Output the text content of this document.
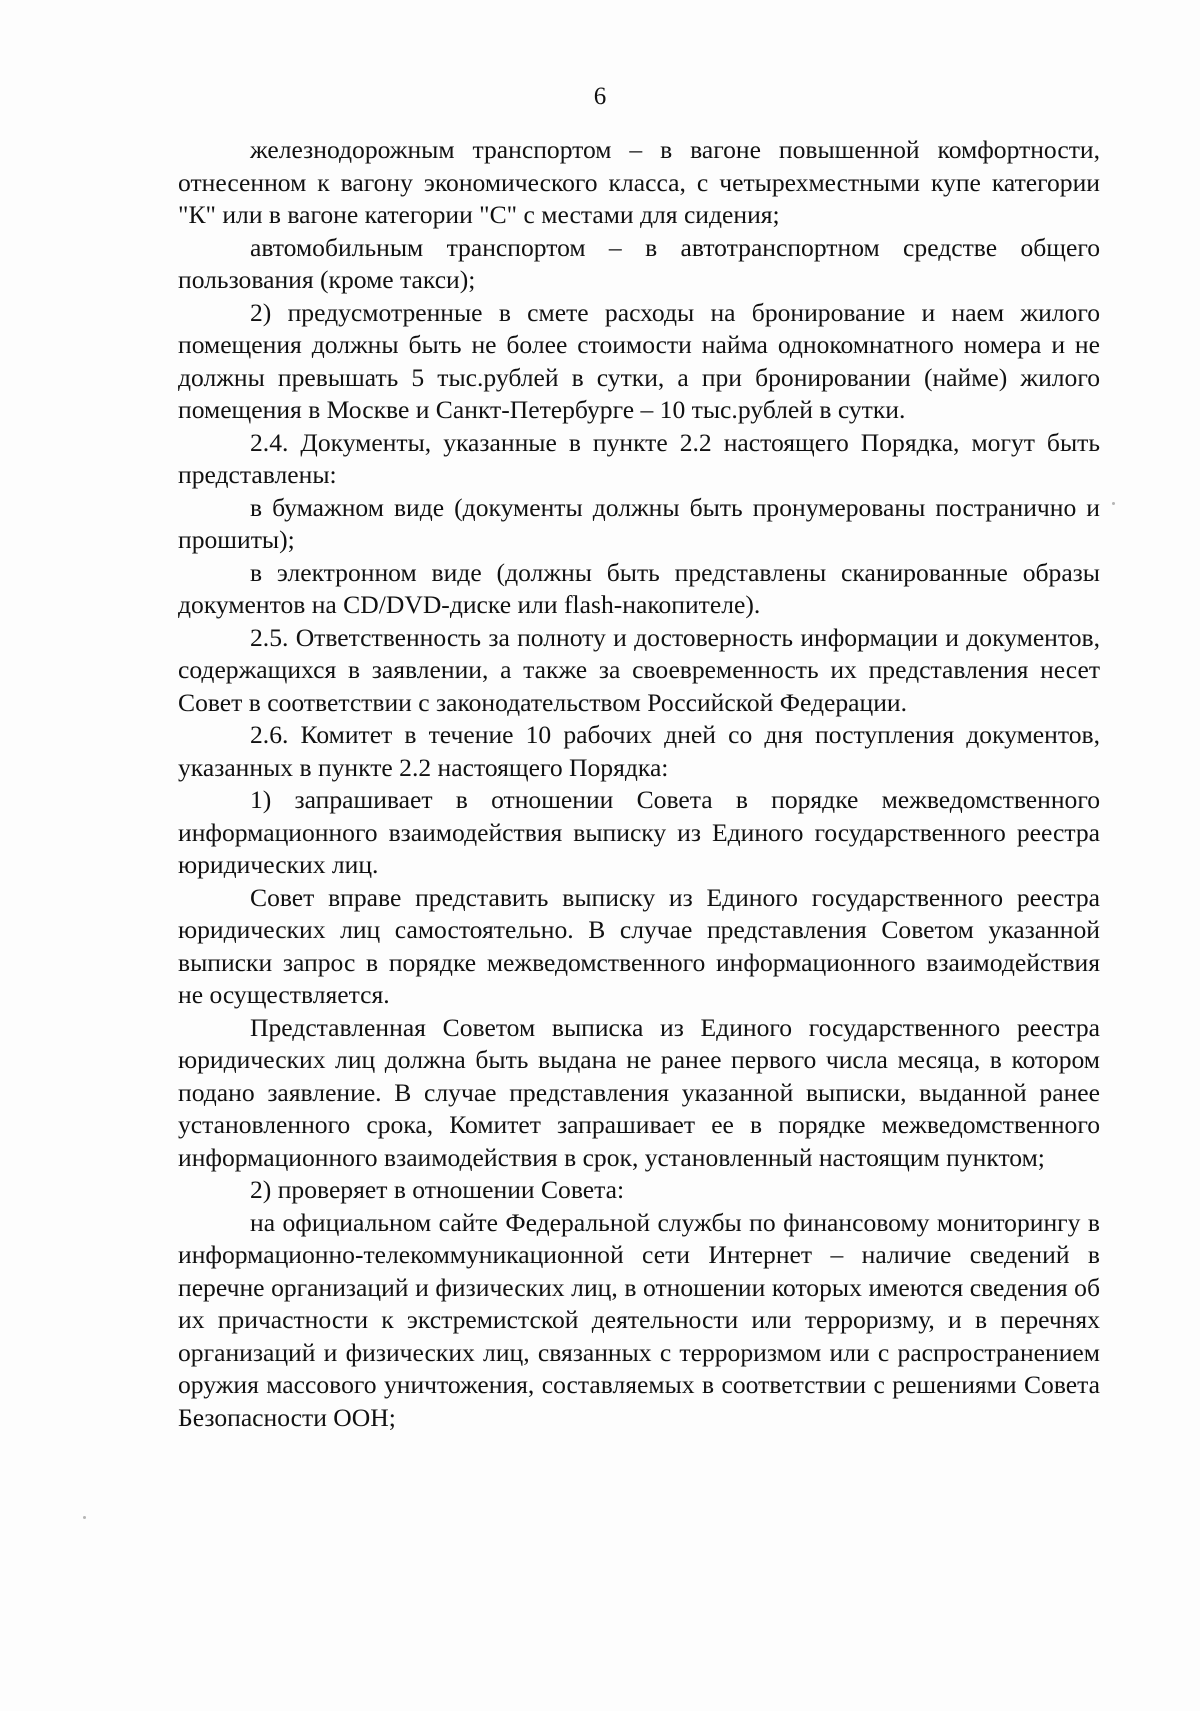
6

железнодорожным транспортом – в вагоне повышенной комфортности, отнесенном к вагону экономического класса, с четырехместными купе категории "К" или в вагоне категории "С" с местами для сидения;

автомобильным транспортом – в автотранспортном средстве общего пользования (кроме такси);

2) предусмотренные в смете расходы на бронирование и наем жилого помещения должны быть не более стоимости найма однокомнатного номера и не должны превышать 5 тыс.рублей в сутки, а при бронировании (найме) жилого помещения в Москве и Санкт-Петербурге – 10 тыс.рублей в сутки.

2.4. Документы, указанные в пункте 2.2 настоящего Порядка, могут быть представлены:

в бумажном виде (документы должны быть пронумерованы постранично и прошиты);

в электронном виде (должны быть представлены сканированные образы документов на CD/DVD-диске или flash-накопителе).

2.5. Ответственность за полноту и достоверность информации и документов, содержащихся в заявлении, а также за своевременность их представления несет Совет в соответствии с законодательством Российской Федерации.

2.6. Комитет в течение 10 рабочих дней со дня поступления документов, указанных в пункте 2.2 настоящего Порядка:

1) запрашивает в отношении Совета в порядке межведомственного информационного взаимодействия выписку из Единого государственного реестра юридических лиц.

Совет вправе представить выписку из Единого государственного реестра юридических лиц самостоятельно. В случае представления Советом указанной выписки запрос в порядке межведомственного информационного взаимодействия не осуществляется.

Представленная Советом выписка из Единого государственного реестра юридических лиц должна быть выдана не ранее первого числа месяца, в котором подано заявление. В случае представления указанной выписки, выданной ранее установленного срока, Комитет запрашивает ее в порядке межведомственного информационного взаимодействия в срок, установленный настоящим пунктом;

2) проверяет в отношении Совета:

на официальном сайте Федеральной службы по финансовому мониторингу в информационно-телекоммуникационной сети Интернет – наличие сведений в перечне организаций и физических лиц, в отношении которых имеются сведения об их причастности к экстремистской деятельности или терроризму, и в перечнях организаций и физических лиц, связанных с терроризмом или с распространением оружия массового уничтожения, составляемых в соответствии с решениями Совета Безопасности ООН;
